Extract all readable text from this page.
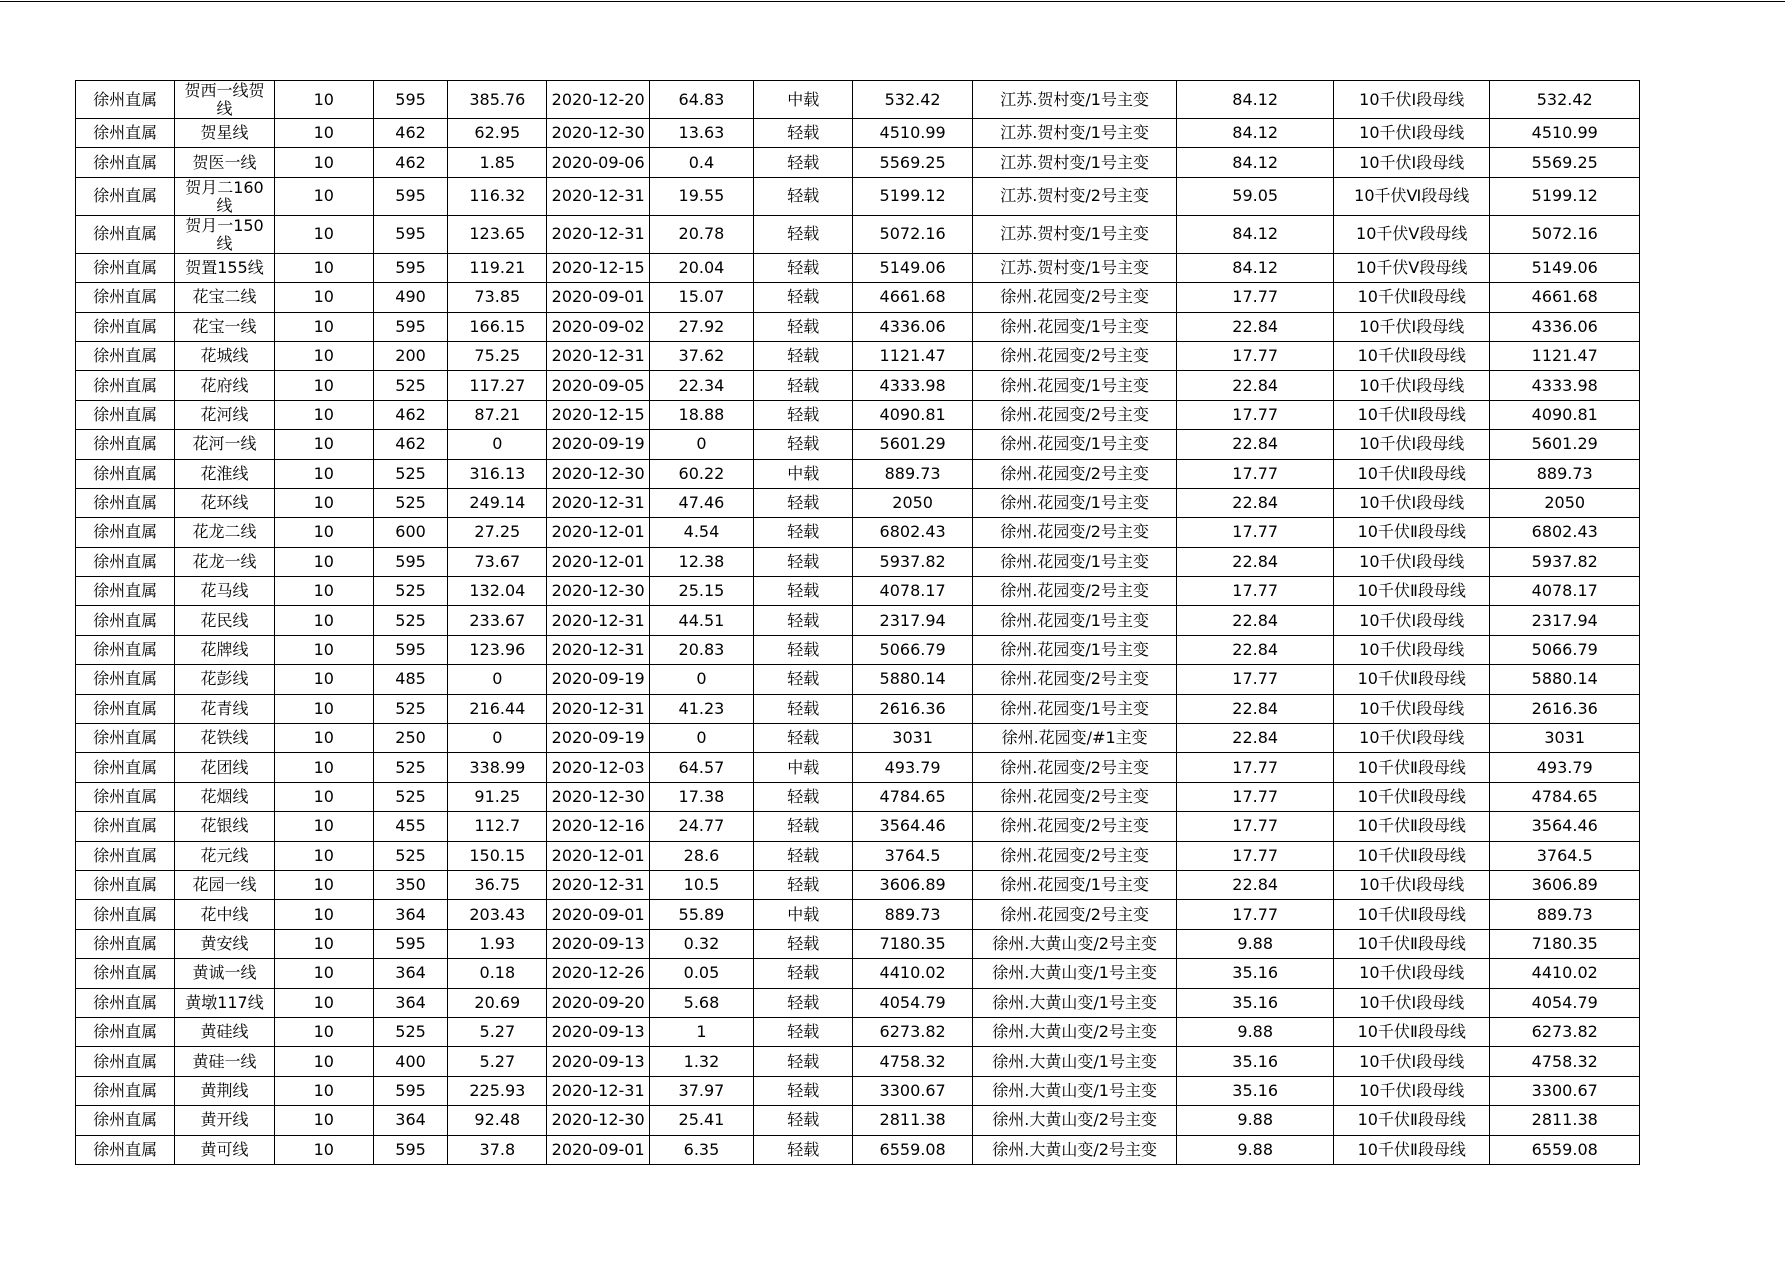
徐州直属	贺西一线贺 线	10	595	385.76	2020-12-20	64.83	中载	532.42	江苏.贺村变/1号主变	84.12	10千伏Ⅰ段母线	532.42
徐州直属	贺星线	10	462	62.95	2020-12-30	13.63	轻载	4510.99	江苏.贺村变/1号主变	84.12	10千伏Ⅰ段母线	4510.99
徐州直属	贺医一线	10	462	1.85	2020-09-06	0.4	轻载	5569.25	江苏.贺村变/1号主变	84.12	10千伏Ⅰ段母线	5569.25
徐州直属	贺月二160 线	10	595	116.32	2020-12-31	19.55	轻载	5199.12	江苏.贺村变/2号主变	59.05	10千伏Ⅵ段母线	5199.12
徐州直属	贺月一150 线	10	595	123.65	2020-12-31	20.78	轻载	5072.16	江苏.贺村变/1号主变	84.12	10千伏Ⅴ段母线	5072.16
徐州直属	贺置155线	10	595	119.21	2020-12-15	20.04	轻载	5149.06	江苏.贺村变/1号主变	84.12	10千伏Ⅴ段母线	5149.06
徐州直属	花宝二线	10	490	73.85	2020-09-01	15.07	轻载	4661.68	徐州.花园变/2号主变	17.77	10千伏Ⅱ段母线	4661.68
徐州直属	花宝一线	10	595	166.15	2020-09-02	27.92	轻载	4336.06	徐州.花园变/1号主变	22.84	10千伏Ⅰ段母线	4336.06
徐州直属	花城线	10	200	75.25	2020-12-31	37.62	轻载	1121.47	徐州.花园变/2号主变	17.77	10千伏Ⅱ段母线	1121.47
徐州直属	花府线	10	525	117.27	2020-09-05	22.34	轻载	4333.98	徐州.花园变/1号主变	22.84	10千伏Ⅰ段母线	4333.98
徐州直属	花河线	10	462	87.21	2020-12-15	18.88	轻载	4090.81	徐州.花园变/2号主变	17.77	10千伏Ⅱ段母线	4090.81
徐州直属	花河一线	10	462	0	2020-09-19	0	轻载	5601.29	徐州.花园变/1号主变	22.84	10千伏Ⅰ段母线	5601.29
徐州直属	花淮线	10	525	316.13	2020-12-30	60.22	中载	889.73	徐州.花园变/2号主变	17.77	10千伏Ⅱ段母线	889.73
徐州直属	花环线	10	525	249.14	2020-12-31	47.46	轻载	2050	徐州.花园变/1号主变	22.84	10千伏Ⅰ段母线	2050
徐州直属	花龙二线	10	600	27.25	2020-12-01	4.54	轻载	6802.43	徐州.花园变/2号主变	17.77	10千伏Ⅱ段母线	6802.43
徐州直属	花龙一线	10	595	73.67	2020-12-01	12.38	轻载	5937.82	徐州.花园变/1号主变	22.84	10千伏Ⅰ段母线	5937.82
徐州直属	花马线	10	525	132.04	2020-12-30	25.15	轻载	4078.17	徐州.花园变/2号主变	17.77	10千伏Ⅱ段母线	4078.17
徐州直属	花民线	10	525	233.67	2020-12-31	44.51	轻载	2317.94	徐州.花园变/1号主变	22.84	10千伏Ⅰ段母线	2317.94
徐州直属	花牌线	10	595	123.96	2020-12-31	20.83	轻载	5066.79	徐州.花园变/1号主变	22.84	10千伏Ⅰ段母线	5066.79
徐州直属	花彭线	10	485	0	2020-09-19	0	轻载	5880.14	徐州.花园变/2号主变	17.77	10千伏Ⅱ段母线	5880.14
徐州直属	花青线	10	525	216.44	2020-12-31	41.23	轻载	2616.36	徐州.花园变/1号主变	22.84	10千伏Ⅰ段母线	2616.36
徐州直属	花铁线	10	250	0	2020-09-19	0	轻载	3031	徐州.花园变/#1主变	22.84	10千伏Ⅰ段母线	3031
徐州直属	花团线	10	525	338.99	2020-12-03	64.57	中载	493.79	徐州.花园变/2号主变	17.77	10千伏Ⅱ段母线	493.79
徐州直属	花烟线	10	525	91.25	2020-12-30	17.38	轻载	4784.65	徐州.花园变/2号主变	17.77	10千伏Ⅱ段母线	4784.65
徐州直属	花银线	10	455	112.7	2020-12-16	24.77	轻载	3564.46	徐州.花园变/2号主变	17.77	10千伏Ⅱ段母线	3564.46
徐州直属	花元线	10	525	150.15	2020-12-01	28.6	轻载	3764.5	徐州.花园变/2号主变	17.77	10千伏Ⅱ段母线	3764.5
徐州直属	花园一线	10	350	36.75	2020-12-31	10.5	轻载	3606.89	徐州.花园变/1号主变	22.84	10千伏Ⅰ段母线	3606.89
徐州直属	花中线	10	364	203.43	2020-09-01	55.89	中载	889.73	徐州.花园变/2号主变	17.77	10千伏Ⅱ段母线	889.73
徐州直属	黄安线	10	595	1.93	2020-09-13	0.32	轻载	7180.35	徐州.大黄山变/2号主变	9.88	10千伏Ⅱ段母线	7180.35
徐州直属	黄诚一线	10	364	0.18	2020-12-26	0.05	轻载	4410.02	徐州.大黄山变/1号主变	35.16	10千伏Ⅰ段母线	4410.02
徐州直属	黄墩117线	10	364	20.69	2020-09-20	5.68	轻载	4054.79	徐州.大黄山变/1号主变	35.16	10千伏Ⅰ段母线	4054.79
徐州直属	黄硅线	10	525	5.27	2020-09-13	1	轻载	6273.82	徐州.大黄山变/2号主变	9.88	10千伏Ⅱ段母线	6273.82
徐州直属	黄硅一线	10	400	5.27	2020-09-13	1.32	轻载	4758.32	徐州.大黄山变/1号主变	35.16	10千伏Ⅰ段母线	4758.32
徐州直属	黄荆线	10	595	225.93	2020-12-31	37.97	轻载	3300.67	徐州.大黄山变/1号主变	35.16	10千伏Ⅰ段母线	3300.67
徐州直属	黄开线	10	364	92.48	2020-12-30	25.41	轻载	2811.38	徐州.大黄山变/2号主变	9.88	10千伏Ⅱ段母线	2811.38
徐州直属	黄可线	10	595	37.8	2020-09-01	6.35	轻载	6559.08	徐州.大黄山变/2号主变	9.88	10千伏Ⅱ段母线	6559.08
